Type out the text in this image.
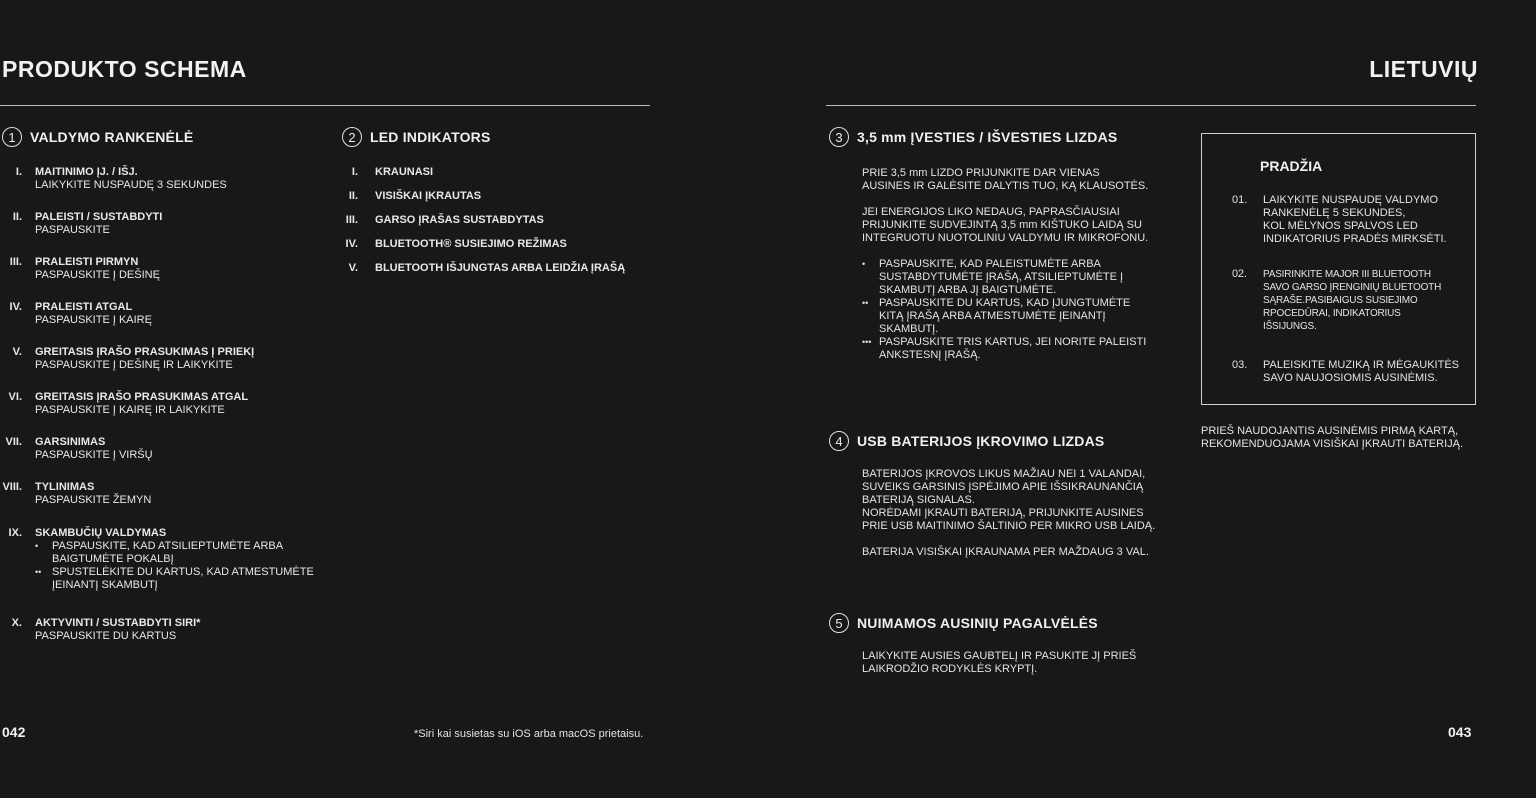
PRODUKTO SCHEMA
1	VALDYMO RANKENĖLĖ
I. MAITINIMO ĮJ. / IŠJ.
LAIKYKITE NUSPAUDĘ 3 SEKUNDES
II. PALEISTI / SUSTABDYTI
PASPAUSKITE
III. PRALEISTI PIRMYN
PASPAUSKITE Į DEŠINĘ
IV. PRALEISTI ATGAL
PASPAUSKITE Į KAIRĘ
V. GREITASIS ĮRAŠO PRASUKIMAS Į PRIEKĮ
PASPAUSKITE Į DEŠINĘ IR LAIKYKITE
VI. GREITASIS ĮRAŠO PRASUKIMAS ATGAL
PASPAUSKITE Į KAIRĘ IR LAIKYKITE
VII. GARSINIMAS
PASPAUSKITE Į VIRŠŲ
VIII. TYLINIMAS
PASPAUSKITE ŽEMYN
IX. SKAMBUČIŲ VALDYMAS
•	PASPAUSKITE, KAD ATSILIEPTUMĖTE ARBA
BAIGTUMĖTE POKALBĮ
•• SPUSTELĖKITE DU KARTUS, KAD ATMESTUMĖTE
ĮEINANTĮ SKAMBUTĮ
X. AKTYVINTI / SUSTABDYTI SIRI*
PASPAUSKITE DU KARTUS
2	LED INDIKATORS
I. KRAUNASI
II. VISIŠKAI ĮKRAUTAS
III. GARSO ĮRAŠAS SUSTABDYTAS
IV. BLUETOOTH® SUSIEJIMO REŽIMAS
V. BLUETOOTH IŠJUNGTAS ARBA LEIDŽIA ĮRAŠĄ
042	*Siri kai susietas su iOS arba macOS prietaisu.
LIETUVIŲ
3	3,5 mm ĮVESTIES / IŠVESTIES LIZDAS
PRIE 3,5 mm LIZDO PRIJUNKITE DAR VIENAS
AUSINES IR GALĖSITE DALYTIS TUO, KĄ KLAUSOTĖS.

JEI ENERGIJOS LIKO NEDAUG, PAPRASČIAUSIAI
PRIJUNKITE SUDVEJINTĄ 3,5 mm KIŠTUKO LAIDĄ SU
INTEGRUOTU NUOTOLINIU VALDYMU IR MIKROFONU.

•	PASPAUSKITE, KAD PALEISTUMĖTE ARBA
SUSTABDYTUMĖTE ĮRAŠĄ, ATSILIEPTUMĖTE Į
SKAMBUTĮ ARBA JĮ BAIGTUMĖTE.
•• PASPAUSKITE DU KARTUS, KAD ĮJUNGTUMĖTE
KITĄ ĮRAŠĄ ARBA ATMESTUMĖTE ĮEINANTĮ
SKAMBUTĮ.
••• PASPAUSKITE TRIS KARTUS, JEI NORITE PALEISTI
ANKSTESNĮ ĮRAŠĄ.
4	USB BATERIJOS ĮKROVIMO LIZDAS
BATERIJOS ĮKROVOS LIKUS MAŽIAU NEI 1 VALANDAI,
SUVEIKS GARSINIS ĮSPĖJIMO APIE IŠSIKRAUNANČIĄ
BATERIJĄ SIGNALAS.
NORĖDAMI ĮKRAUTI BATERIJĄ, PRIJUNKITE AUSINES
PRIE USB MAITINIMO ŠALTINIO PER MIKRO USB LAIDĄ.

BATERIJA VISIŠKAI ĮKRAUNAMA PER MAŽDAUG 3 VAL.
5	NUIMAMOS AUSINIŲ PAGALVĖLĖS
LAIKYKITE AUSIES GAUBTELĮ IR PASUKITE JĮ PRIEŠ
LAIKRODŽIO RODYKLĖS KRYPTĮ.
PRADŽIA
01. LAIKYKITE NUSPAUDĘ VALDYMO
RANKENĖLĘ 5 SEKUNDES,
KOL MĖLYNOS SPALVOS LED
INDIKATORIUS PRADĖS MIRKSĖTI.
02. PASIRINKITE MAJOR III BLUETOOTH
SAVO GARSO ĮRENGINIŲ BLUETOOTH
SĄRAŠE.PASIBAIGUS SUSIEJIMO
RPOCEDŪRAI, INDIKATORIUS
IŠSIJUNGS.
03. PALEISKITE MUZIKĄ IR MĖGAUKITĖS
SAVO NAUJOSIOMIS AUSINĖMIS.
PRIEŠ NAUDOJANTIS AUSINĖMIS PIRMĄ KARTĄ,
REKOMENDUOJAMA VISIŠKAI ĮKRAUTI BATERIJĄ.
043
